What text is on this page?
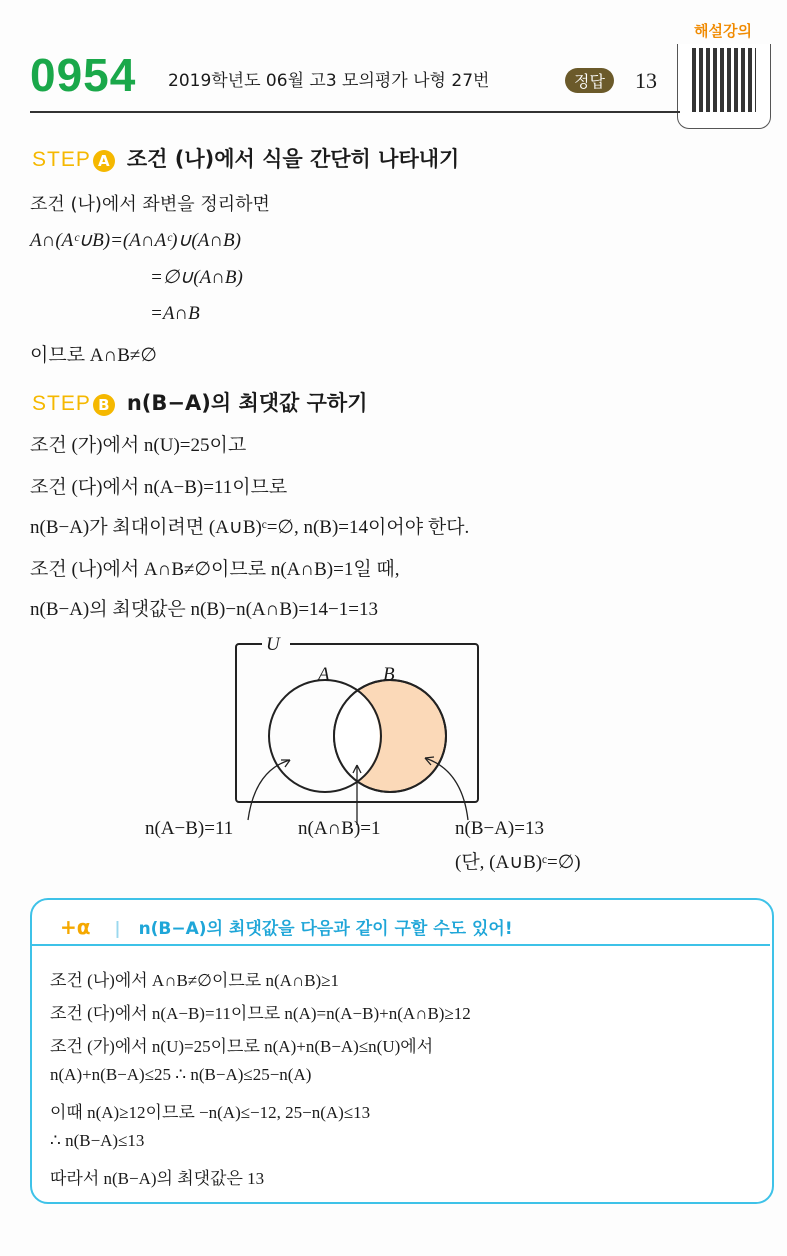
0954 2019학년도 06월 고3 모의평가 나형 27번	정답	13
해설강의
STEP A 조건 (나)에서 식을 간단히 나타내기
조건 (나)에서 좌변을 정리하면
A∩(Aᶜ∪B)=(A∩Aᶜ)∪(A∩B)
=∅∪(A∩B)
=A∩B
이므로 A∩B≠∅
STEP B n(B−A)의 최댓값 구하기
조건 (가)에서 n(U)=25이고
조건 (다)에서 n(A−B)=11이므로
n(B−A)가 최대이려면 (A∪B)ᶜ=∅, n(B)=14이어야 한다.
조건 (나)에서 A∩B≠∅이므로 n(A∩B)=1일 때,
n(B−A)의 최댓값은 n(B)−n(A∩B)=14−1=13
U
A	B
n(A−B)=11	n(A∩B)=1	n(B−A)=13
(단, (A∪B)ᶜ=∅)
+α | n(B−A)의 최댓값을 다음과 같이 구할 수도 있어!
조건 (나)에서 A∩B≠∅이므로 n(A∩B)≥1
조건 (다)에서 n(A−B)=11이므로 n(A)=n(A−B)+n(A∩B)≥12
조건 (가)에서 n(U)=25이므로 n(A)+n(B−A)≤n(U)에서
n(A)+n(B−A)≤25 ∴ n(B−A)≤25−n(A)
이때 n(A)≥12이므로 −n(A)≤−12, 25−n(A)≤13
∴ n(B−A)≤13
따라서 n(B−A)의 최댓값은 13
